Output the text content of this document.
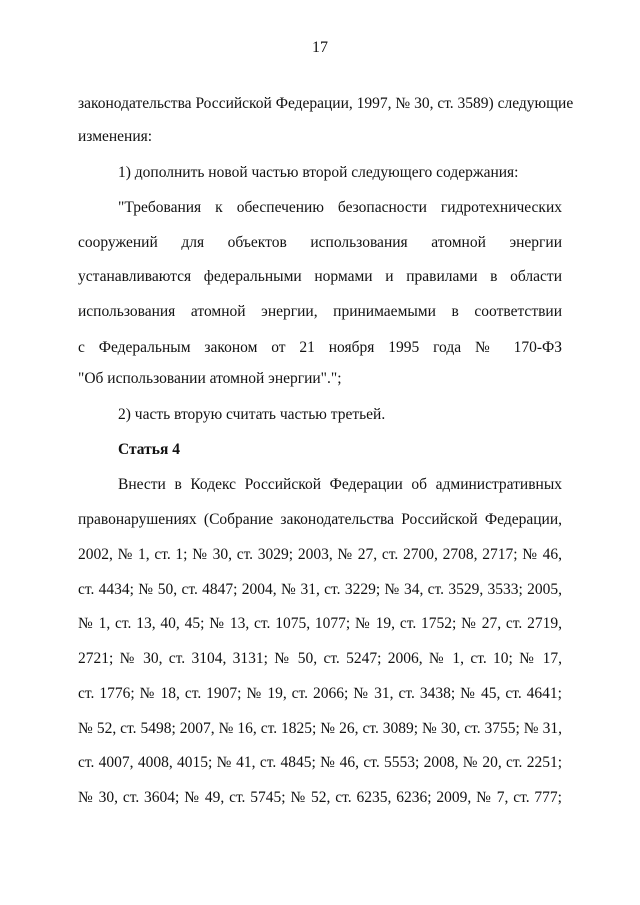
17
законодательства Российской Федерации, 1997, № 30, ст. 3589) следующие
изменения:
1) дополнить новой частью второй следующего содержания:
"Требования к обеспечению безопасности гидротехнических
сооружений для объектов использования атомной энергии
устанавливаются федеральными нормами и правилами в области
использования атомной энергии, принимаемыми в соответствии
с Федеральным законом от 21 ноября 1995 года № 170-ФЗ
"Об использовании атомной энергии".";
2) часть вторую считать частью третьей.
Статья 4
Внести в Кодекс Российской Федерации об административных
правонарушениях (Собрание законодательства Российской Федерации,
2002, № 1, ст. 1; № 30, ст. 3029; 2003, № 27, ст. 2700, 2708, 2717; № 46,
ст. 4434; № 50, ст. 4847; 2004, № 31, ст. 3229; № 34, ст. 3529, 3533; 2005,
№ 1, ст. 13, 40, 45; № 13, ст. 1075, 1077; № 19, ст. 1752; № 27, ст. 2719,
2721; № 30, ст. 3104, 3131; № 50, ст. 5247; 2006, № 1, ст. 10; № 17,
ст. 1776; № 18, ст. 1907; № 19, ст. 2066; № 31, ст. 3438; № 45, ст. 4641;
№ 52, ст. 5498; 2007, № 16, ст. 1825; № 26, ст. 3089; № 30, ст. 3755; № 31,
ст. 4007, 4008, 4015; № 41, ст. 4845; № 46, ст. 5553; 2008, № 20, ст. 2251;
№ 30, ст. 3604; № 49, ст. 5745; № 52, ст. 6235, 6236; 2009, № 7, ст. 777;
